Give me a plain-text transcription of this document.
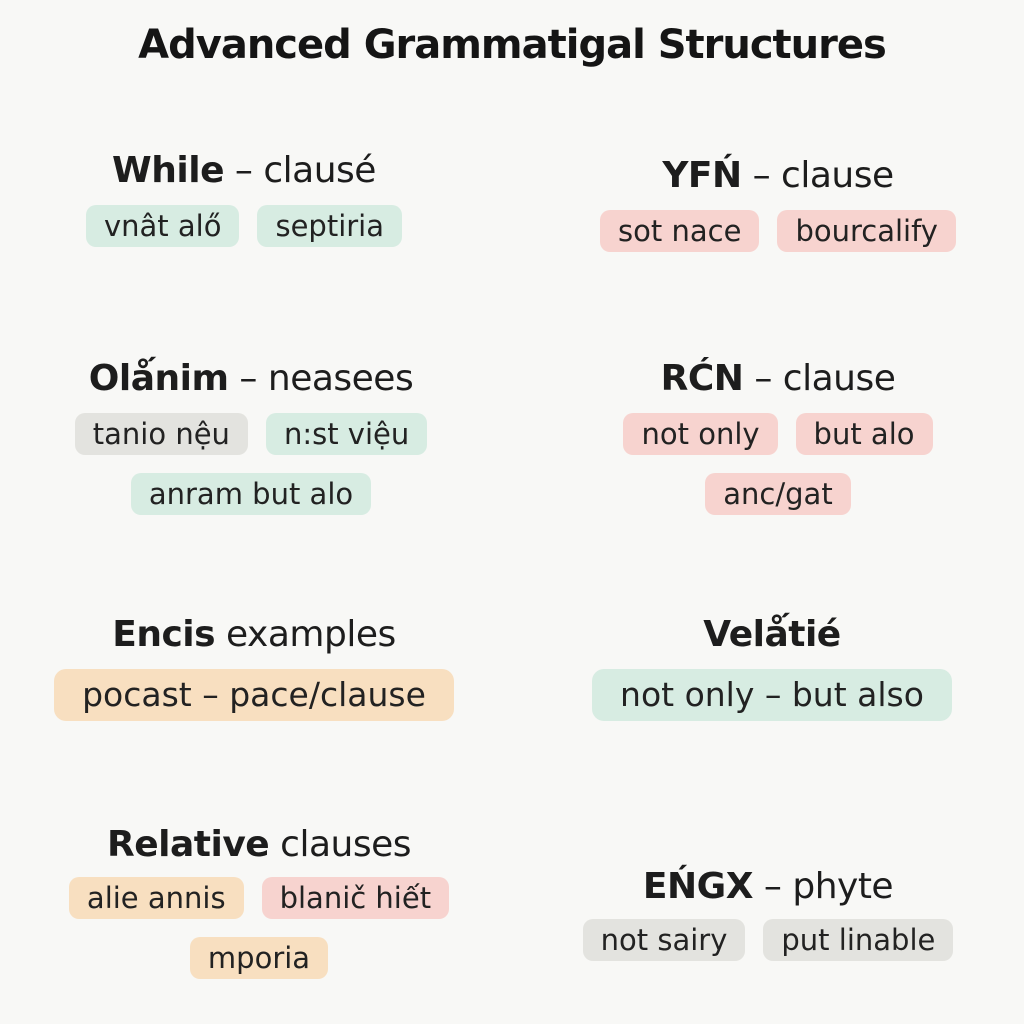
Advanced Grammatigal Structures
While – clausé
vnât alő	septiria
ΥFŃ – clause
sot nace	bourcalify
Olǻnim – neasees
tanio nệu	n:st việu
anram but alo
RĆN – clause
not only	but alo
anc/gat
Encis examples
pocast – pace/clause
Velǻtié
not only – but also
Relative clauses
alie annis	blanič hiết
mporia
EŃGX – phyte
not sairy	put linable
